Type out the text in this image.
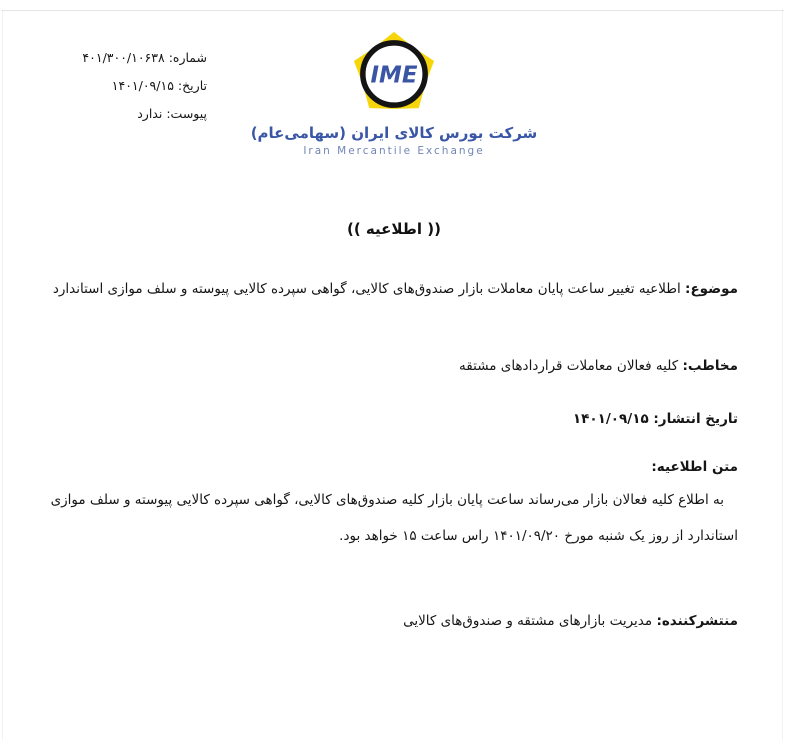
شماره: ۴۰۱/۳۰۰/۱۰۶۳۸
تاریخ: ۱۴۰۱/۰۹/۱۵
پیوست: ندارد
IME
شرکت بورس کالای ایران (سهامی‌عام)
Iran Mercantile Exchange
(( اطلاعیه ))
موضوع: اطلاعیه تغییر ساعت پایان معاملات بازار صندوق‌های کالایی، گواهی سپرده کالایی پیوسته و سلف موازی استاندارد
مخاطب: کلیه فعالان معاملات قراردادهای مشتقه
تاریخ انتشار: ۱۴۰۱/۰۹/۱۵
متن اطلاعیه:
به اطلاع کلیه فعالان بازار می‌رساند ساعت پایان بازار کلیه صندوق‌های کالایی، گواهی سپرده کالایی پیوسته و سلف موازی استاندارد از روز یک شنبه مورخ ۱۴۰۱/۰۹/۲۰ راس ساعت ۱۵ خواهد بود.
منتشرکننده: مدیریت بازارهای مشتقه و صندوق‌های کالایی
